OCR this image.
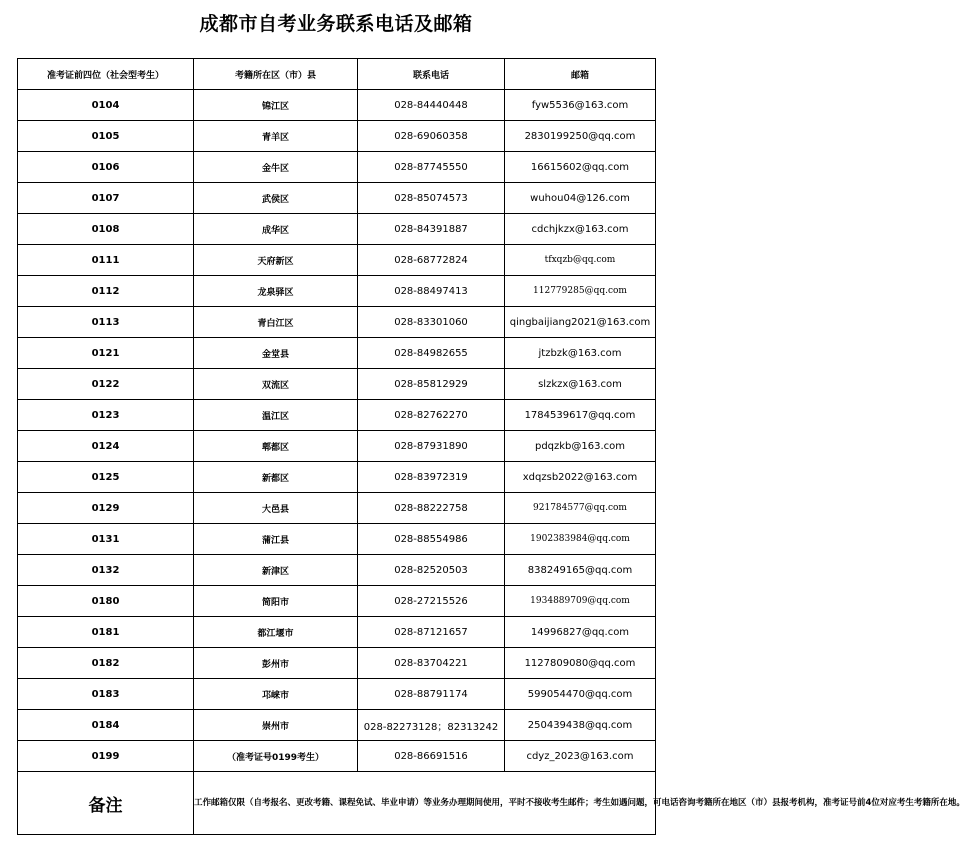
成都市自考业务联系电话及邮箱
准考证前四位（社会型考生）	考籍所在区（市）县	联系电话	邮箱
0104	锦江区	028-84440448	fyw5536@163.com
0105	青羊区	028-69060358	2830199250@qq.com
0106	金牛区	028-87745550	16615602@qq.com
0107	武侯区	028-85074573	wuhou04@126.com
0108	成华区	028-84391887	cdchjkzx@163.com
0111	天府新区	028-68772824	tfxqzb@qq.com
0112	龙泉驿区	028-88497413	112779285@qq.com
0113	青白江区	028-83301060	qingbaijiang2021@163.com
0121	金堂县	028-84982655	jtzbzk@163.com
0122	双流区	028-85812929	slzkzx@163.com
0123	温江区	028-82762270	1784539617@qq.com
0124	郫都区	028-87931890	pdqzkb@163.com
0125	新都区	028-83972319	xdqzsb2022@163.com
0129	大邑县	028-88222758	921784577@qq.com
0131	蒲江县	028-88554986	1902383984@qq.com
0132	新津区	028-82520503	838249165@qq.com
0180	简阳市	028-27215526	1934889709@qq.com
0181	都江堰市	028-87121657	14996827@qq.com
0182	彭州市	028-83704221	1127809080@qq.com
0183	邛崃市	028-88791174	599054470@qq.com
0184	崇州市	028-82273128；82313242	250439438@qq.com
0199	（准考证号0199考生）	028-86691516	cdyz_2023@163.com
备注	工作邮箱仅限（自考报名、更改考籍、课程免试、毕业申请）等业务办理期间使用，平时不接收考生邮件；考生如遇问题，可电话咨询考籍所在地区（市）县报考机构，准考证号前4位对应考生考籍所在地。		
